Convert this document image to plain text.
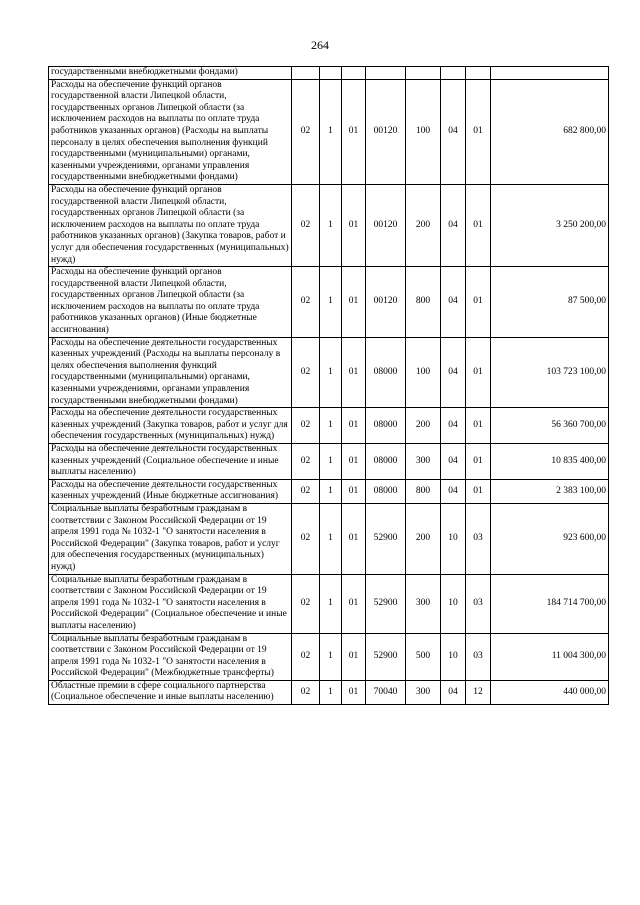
264
государственными внебюджетными фондами)								
Расходы на обеспечение функций органов государственной власти Липецкой области, государственных органов Липецкой области (за исключением расходов на выплаты по оплате труда работников указанных органов) (Расходы на выплаты персоналу в целях обеспечения выполнения функций государственными (муниципальными) органами, казенными учреждениями, органами управления государственными внебюджетными фондами)	02	1	01	00120	100	04	01	682 800,00
Расходы на обеспечение функций органов государственной власти Липецкой области, государственных органов Липецкой области (за исключением расходов на выплаты по оплате труда работников указанных органов) (Закупка товаров, работ и услуг для обеспечения государственных (муниципальных) нужд)	02	1	01	00120	200	04	01	3 250 200,00
Расходы на обеспечение функций органов государственной власти Липецкой области, государственных органов Липецкой области (за исключением расходов на выплаты по оплате труда работников указанных органов) (Иные бюджетные ассигнования)	02	1	01	00120	800	04	01	87 500,00
Расходы на обеспечение деятельности государственных казенных учреждений (Расходы на выплаты персоналу в целях обеспечения выполнения функций государственными (муниципальными) органами, казенными учреждениями, органами управления государственными внебюджетными фондами)	02	1	01	08000	100	04	01	103 723 100,00
Расходы на обеспечение деятельности государственных казенных учреждений (Закупка товаров, работ и услуг для обеспечения государственных (муниципальных) нужд)	02	1	01	08000	200	04	01	56 360 700,00
Расходы на обеспечение деятельности государственных казенных учреждений (Социальное обеспечение и иные выплаты населению)	02	1	01	08000	300	04	01	10 835 400,00
Расходы на обеспечение деятельности государственных казенных учреждений (Иные бюджетные ассигнования)	02	1	01	08000	800	04	01	2 383 100,00
Социальные выплаты безработным гражданам в соответствии с Законом Российской Федерации от 19 апреля 1991 года № 1032-1 "О занятости населения в Российской Федерации" (Закупка товаров, работ и услуг для обеспечения государственных (муниципальных) нужд)	02	1	01	52900	200	10	03	923 600,00
Социальные выплаты безработным гражданам в соответствии с Законом Российской Федерации от 19 апреля 1991 года № 1032-1 "О занятости населения в Российской Федерации" (Социальное обеспечение и иные выплаты населению)	02	1	01	52900	300	10	03	184 714 700,00
Социальные выплаты безработным гражданам в соответствии с Законом Российской Федерации от 19 апреля 1991 года № 1032-1 "О занятости населения в Российской Федерации" (Межбюджетные трансферты)	02	1	01	52900	500	10	03	11 004 300,00
Областные премии в сфере социального партнерства (Социальное обеспечение и иные выплаты населению)	02	1	01	70040	300	04	12	440 000,00
